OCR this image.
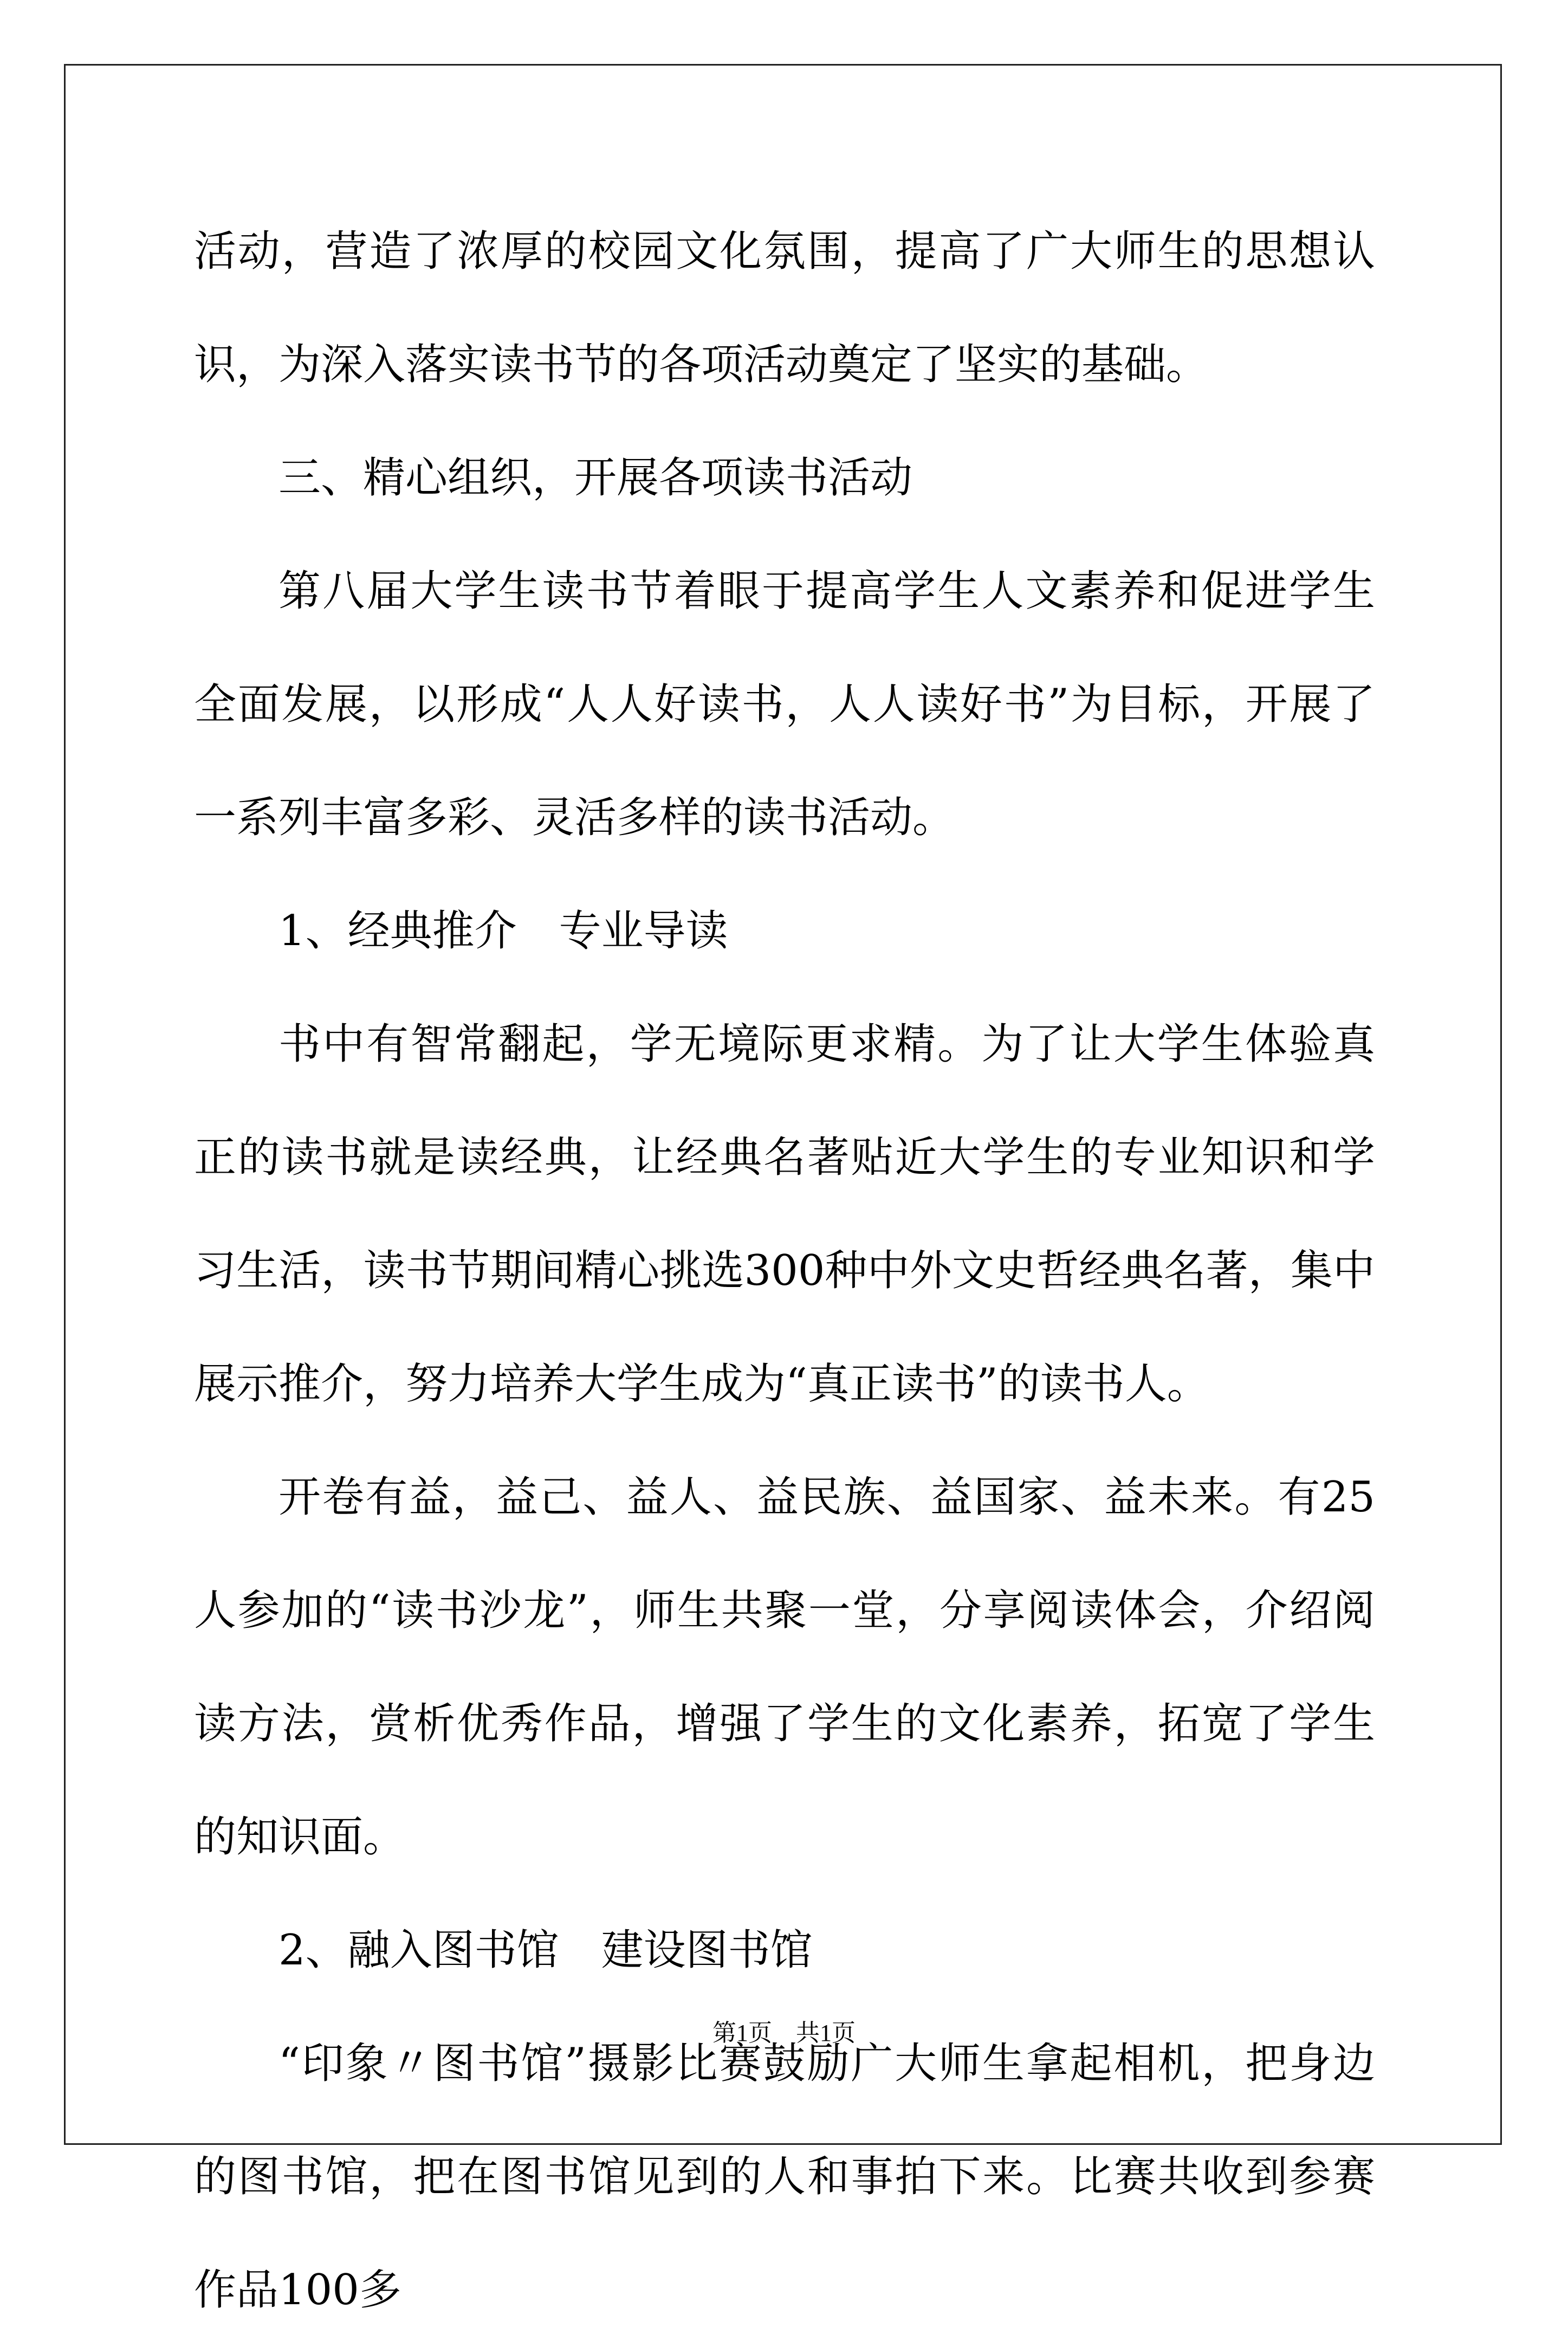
活动，营造了浓厚的校园文化氛围，提高了广大师生的思想认识，为深入落实读书节的各项活动奠定了坚实的基础。

三、精心组织，开展各项读书活动

第八届大学生读书节着眼于提高学生人文素养和促进学生全面发展，以形成“人人好读书，人人读好书”为目标，开展了一系列丰富多彩、灵活多样的读书活动。

1、经典推介　专业导读

书中有智常翻起，学无境际更求精。为了让大学生体验真正的读书就是读经典，让经典名著贴近大学生的专业知识和学习生活，读书节期间精心挑选300种中外文史哲经典名著，集中展示推介，努力培养大学生成为“真正读书”的读书人。

开卷有益，益己、益人、益民族、益国家、益未来。有25人参加的“读书沙龙”，师生共聚一堂，分享阅读体会，介绍阅读方法，赏析优秀作品，增强了学生的文化素养，拓宽了学生的知识面。

2、融入图书馆　建设图书馆

“印象〃图书馆”摄影比赛鼓励广大师生拿起相机，把身边的图书馆，把在图书馆见到的人和事拍下来。比赛共收到参赛作品100多

第1页　共1页
